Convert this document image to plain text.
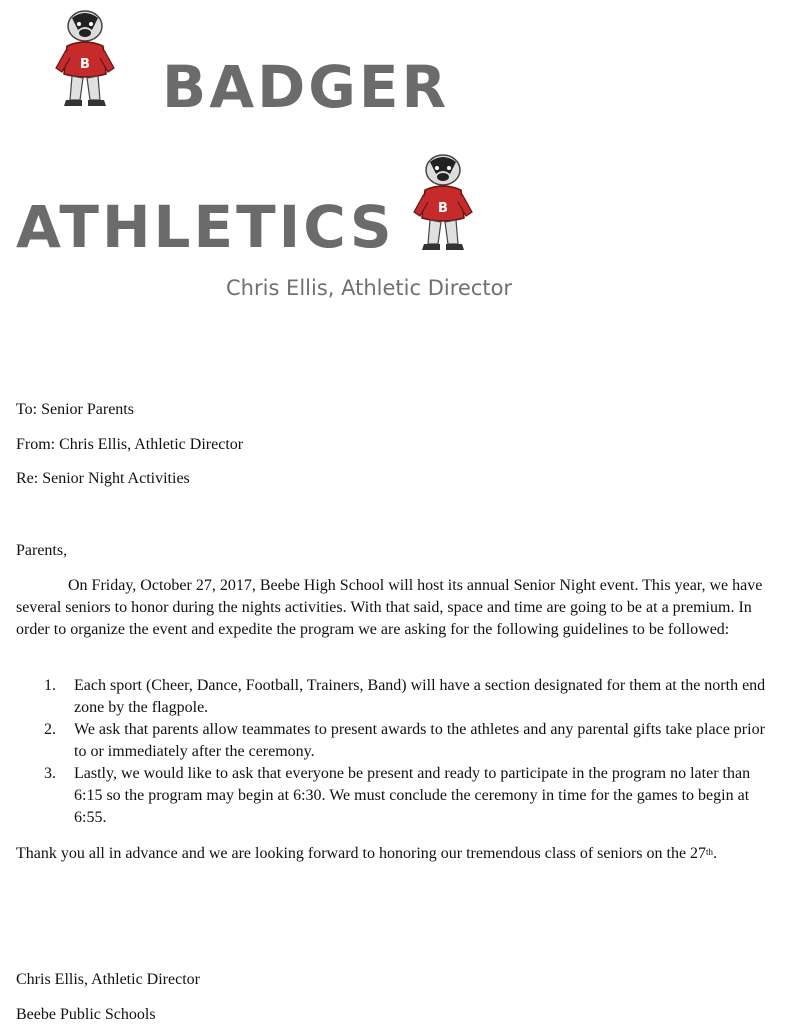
B BADGER
ATHLETICS	B
Chris Ellis, Athletic Director
To: Senior Parents
From: Chris Ellis, Athletic Director
Re: Senior Night Activities
Parents,

On Friday, October 27, 2017, Beebe High School will host its annual Senior Night event. This year, we have several seniors to honor during the nights activities. With that said, space and time are going to be at a premium. In order to organize the event and expedite the program we are asking for the following guidelines to be followed:

1. Each sport (Cheer, Dance, Football, Trainers, Band) will have a section designated for them at the north end zone by the flagpole.
2. We ask that parents allow teammates to present awards to the athletes and any parental gifts take place prior to or immediately after the ceremony.
3. Lastly, we would like to ask that everyone be present and ready to participate in the program no later than 6:15 so the program may begin at 6:30. We must conclude the ceremony in time for the games to begin at 6:55.

Thank you all in advance and we are looking forward to honoring our tremendous class of seniors on the 27th.

Chris Ellis, Athletic Director
Beebe Public Schools
